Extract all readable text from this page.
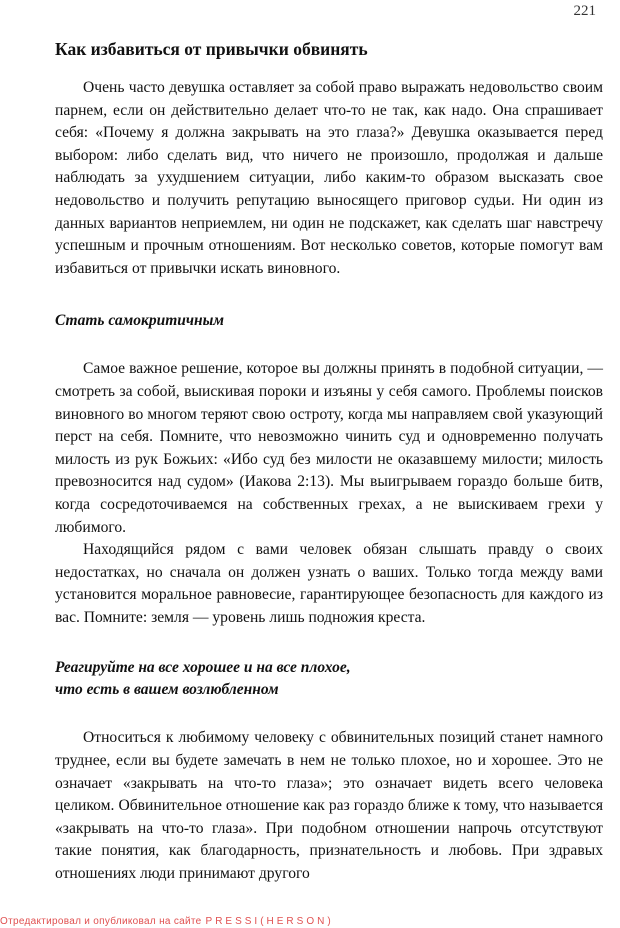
221
Как избавиться от привычки обвинять

Очень часто девушка оставляет за собой право выражать недовольство своим парнем, если он действительно делает что-то не так, как надо. Она спрашивает себя: «Почему я должна закрывать на это глаза?» Девушка оказывается перед выбором: либо сделать вид, что ничего не произошло, продолжая и дальше наблюдать за ухудшением ситуации, либо каким-то образом высказать свое недовольство и получить репутацию выносящего приговор судьи. Ни один из данных вариантов неприемлем, ни один не подскажет, как сделать шаг навстречу успешным и прочным отношениям. Вот несколько советов, которые помогут вам избавиться от привычки искать виновного.

Стать самокритичным

Самое важное решение, которое вы должны принять в подобной ситуации, — смотреть за собой, выискивая пороки и изъяны у себя самого. Проблемы поисков виновного во многом теряют свою остроту, когда мы направляем свой указующий перст на себя. Помните, что невозможно чинить суд и одновременно получать милость из рук Божьих: «Ибо суд без милости не оказавшему милости; милость превозносится над судом» (Иакова 2:13). Мы выигрываем гораздо больше битв, когда сосредоточиваемся на собственных грехах, а не выискиваем грехи у любимого.

Находящийся рядом с вами человек обязан слышать правду о своих недостатках, но сначала он должен узнать о ваших. Только тогда между вами установится моральное равновесие, гарантирующее безопасность для каждого из вас. Помните: земля — уровень лишь подножия креста.

Реагируйте на все хорошее и на все плохое,
что есть в вашем возлюбленном

Относиться к любимому человеку с обвинительных позиций станет намного труднее, если вы будете замечать в нем не только плохое, но и хорошее. Это не означает «закрывать на что-то глаза»; это означает видеть всего человека целиком. Обвинительное отношение как раз гораздо ближе к тому, что называется «закрывать на что-то глаза». При подобном отношении напрочь отсутствуют такие понятия, как благодарность, признательность и любовь. При здравых отношениях люди принимают другого

Отредактировал и опубликовал на сайте PRESSI(HERSON)
